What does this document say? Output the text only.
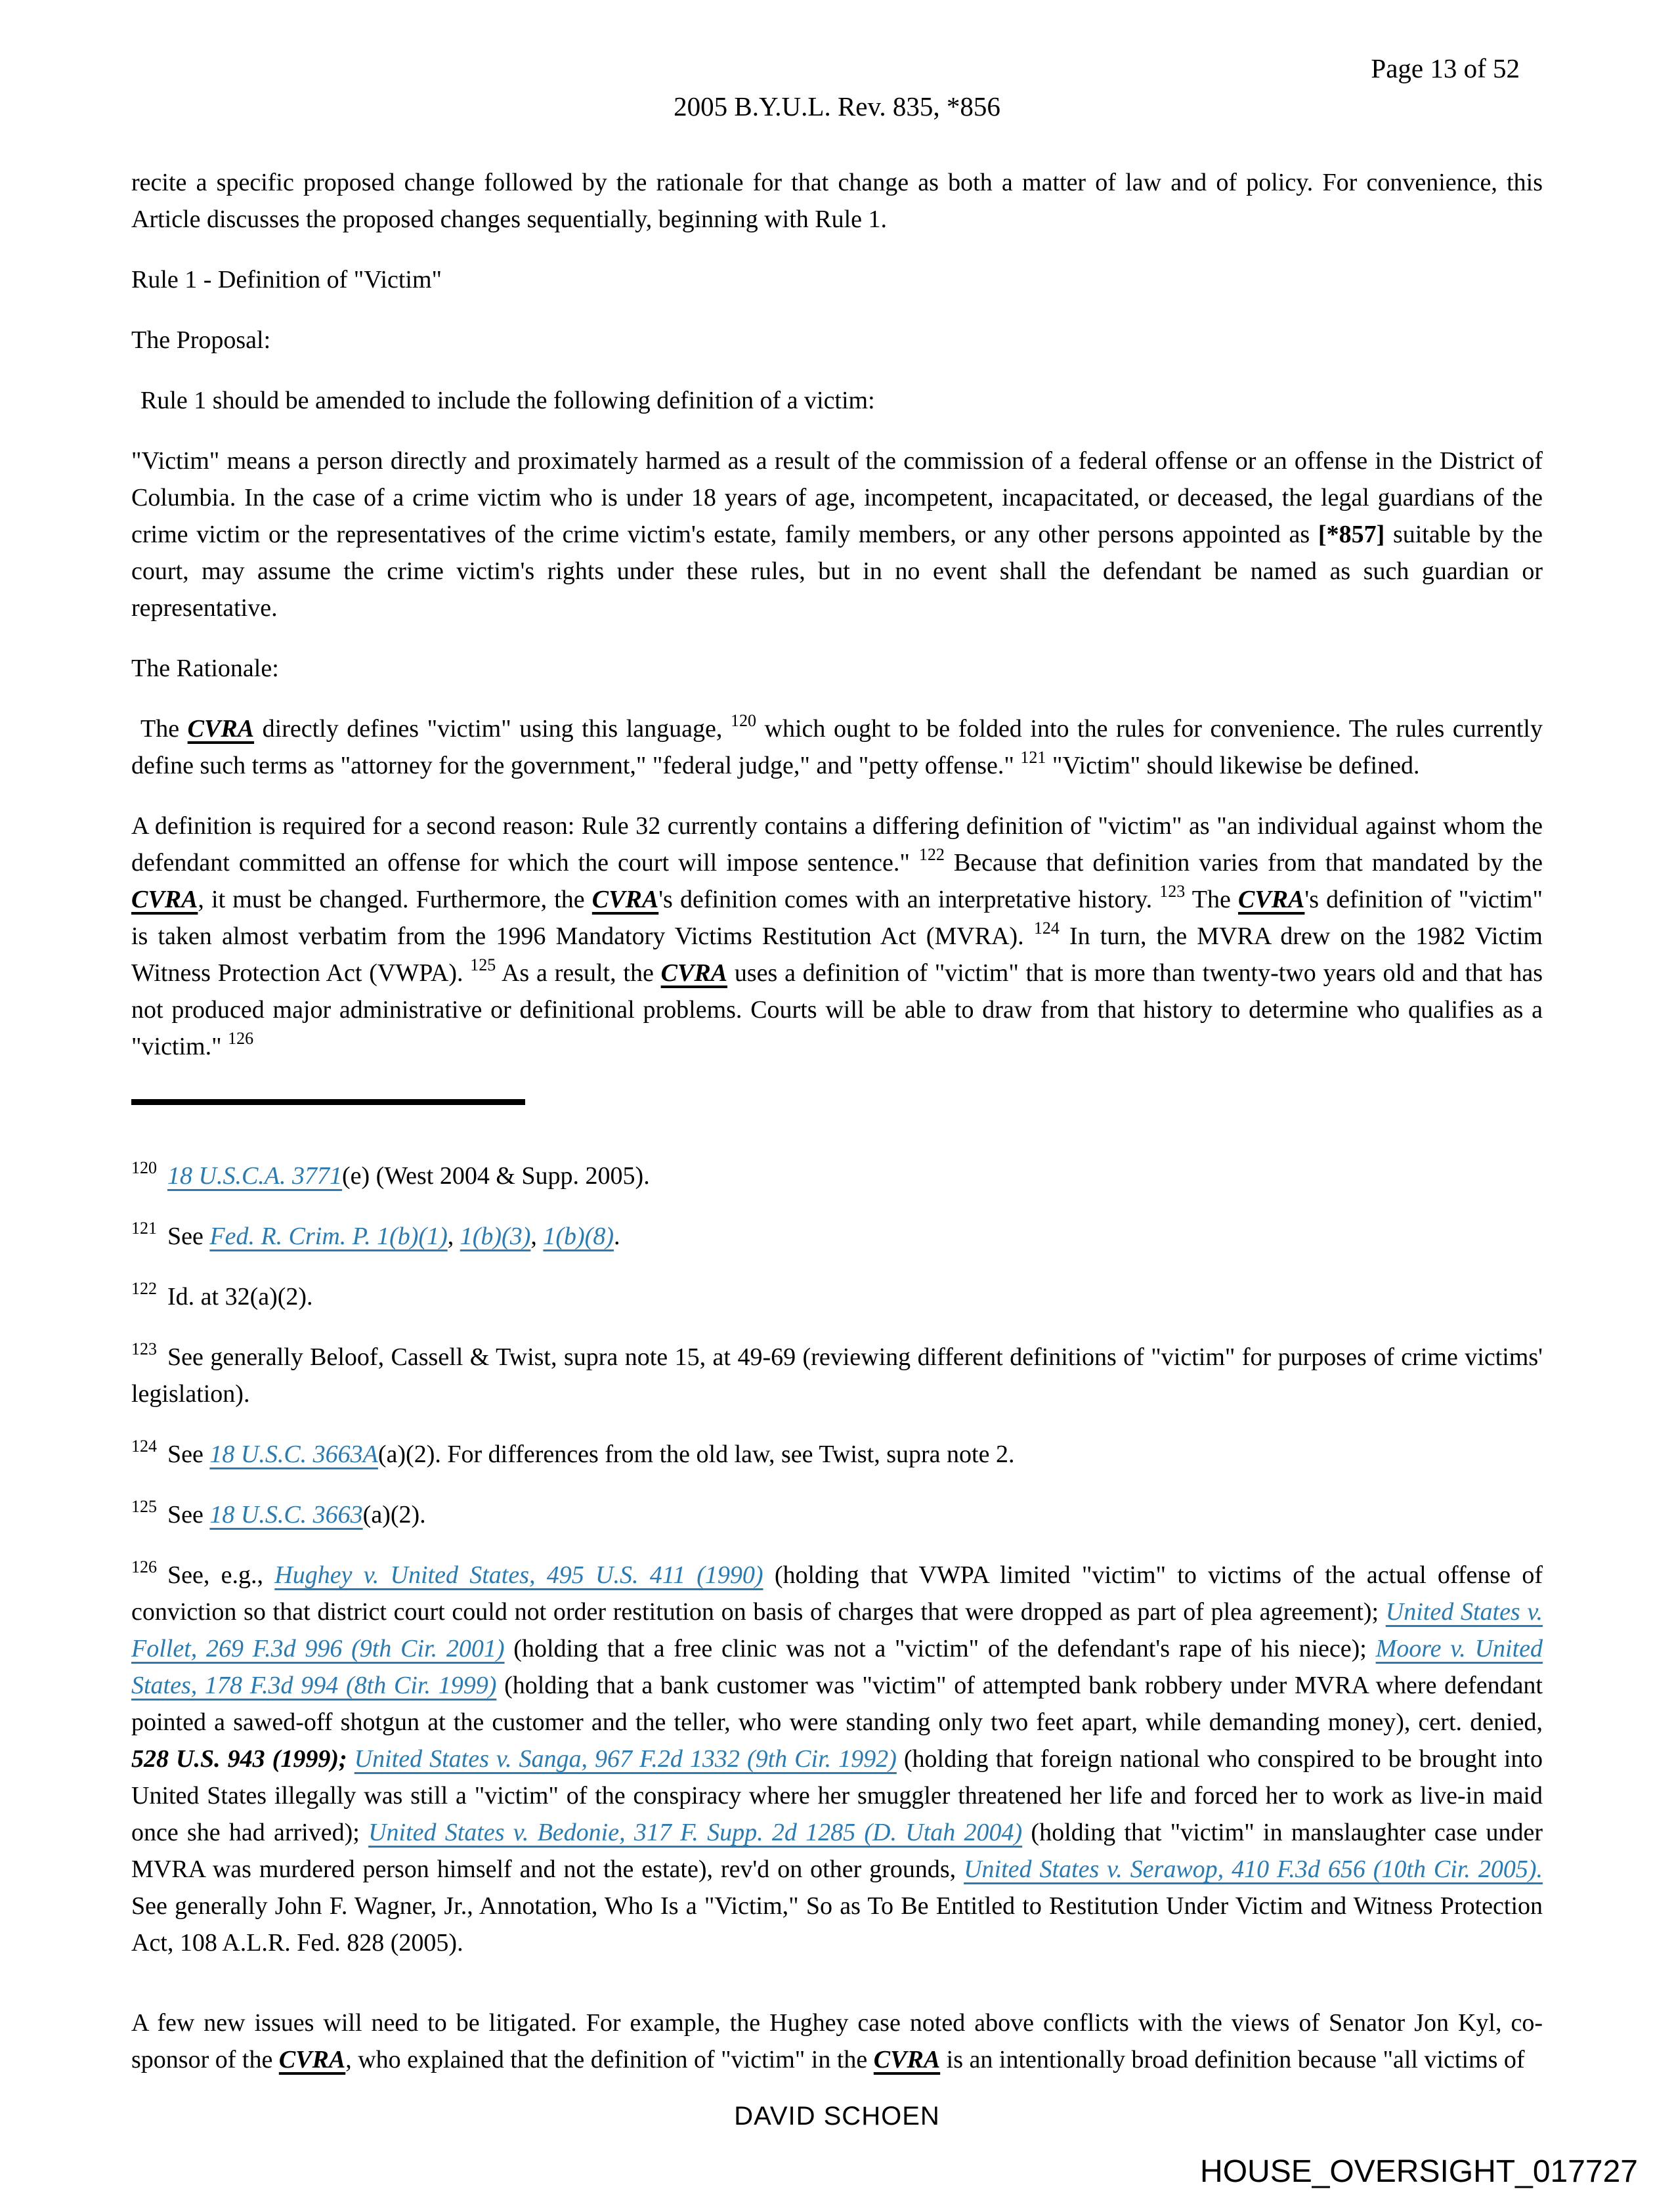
Page 13 of 52
2005 B.Y.U.L. Rev. 835, *856

recite a specific proposed change followed by the rationale for that change as both a matter of law and of policy. For convenience, this Article discusses the proposed changes sequentially, beginning with Rule 1.

Rule 1 - Definition of "Victim"

The Proposal:

Rule 1 should be amended to include the following definition of a victim:

"Victim" means a person directly and proximately harmed as a result of the commission of a federal offense or an offense in the District of Columbia. In the case of a crime victim who is under 18 years of age, incompetent, incapacitated, or deceased, the legal guardians of the crime victim or the representatives of the crime victim's estate, family members, or any other persons appointed as [*857] suitable by the court, may assume the crime victim's rights under these rules, but in no event shall the defendant be named as such guardian or representative.

The Rationale:

The CVRA directly defines "victim" using this language, $^{120}$ which ought to be folded into the rules for convenience. The rules currently define such terms as "attorney for the government," "federal judge," and "petty offense." $^{121}$ "Victim" should likewise be defined.

A definition is required for a second reason: Rule 32 currently contains a differing definition of "victim" as "an individual against whom the defendant committed an offense for which the court will impose sentence." $^{122}$ Because that definition varies from that mandated by the CVRA, it must be changed. Furthermore, the CVRA's definition comes with an interpretative history. $^{123}$ The CVRA's definition of "victim" is taken almost verbatim from the 1996 Mandatory Victims Restitution Act (MVRA). $^{124}$ In turn, the MVRA drew on the 1982 Victim Witness Protection Act (VWPA). $^{125}$ As a result, the CVRA uses a definition of "victim" that is more than twenty-two years old and that has not produced major administrative or definitional problems. Courts will be able to draw from that history to determine who qualifies as a "victim." $^{126}$

$^{120}$ 18 U.S.C.A. 3771(e) (West 2004 & Supp. 2005).

$^{121}$ See Fed. R. Crim. P. 1(b)(1), 1(b)(3), 1(b)(8).

$^{122}$ Id. at 32(a)(2).

$^{123}$ See generally Beloof, Cassell & Twist, supra note 15, at 49-69 (reviewing different definitions of "victim" for purposes of crime victims' legislation).

$^{124}$ See 18 U.S.C. 3663A(a)(2). For differences from the old law, see Twist, supra note 2.

$^{125}$ See 18 U.S.C. 3663(a)(2).

$^{126}$ See, e.g., Hughey v. United States, 495 U.S. 411 (1990) (holding that VWPA limited "victim" to victims of the actual offense of conviction so that district court could not order restitution on basis of charges that were dropped as part of plea agreement); United States v. Follet, 269 F.3d 996 (9th Cir. 2001) (holding that a free clinic was not a "victim" of the defendant's rape of his niece); Moore v. United States, 178 F.3d 994 (8th Cir. 1999) (holding that a bank customer was "victim" of attempted bank robbery under MVRA where defendant pointed a sawed-off shotgun at the customer and the teller, who were standing only two feet apart, while demanding money), cert. denied, 528 U.S. 943 (1999); United States v. Sanga, 967 F.2d 1332 (9th Cir. 1992) (holding that foreign national who conspired to be brought into United States illegally was still a "victim" of the conspiracy where her smuggler threatened her life and forced her to work as live-in maid once she had arrived); United States v. Bedonie, 317 F. Supp. 2d 1285 (D. Utah 2004) (holding that "victim" in manslaughter case under MVRA was murdered person himself and not the estate), rev'd on other grounds, United States v. Serawop, 410 F.3d 656 (10th Cir. 2005). See generally John F. Wagner, Jr., Annotation, Who Is a "Victim," So as To Be Entitled to Restitution Under Victim and Witness Protection Act, 108 A.L.R. Fed. 828 (2005).

A few new issues will need to be litigated. For example, the Hughey case noted above conflicts with the views of Senator Jon Kyl, co-sponsor of the CVRA, who explained that the definition of "victim" in the CVRA is an intentionally broad definition because "all victims of

DAVID SCHOEN
HOUSE_OVERSIGHT_017727
